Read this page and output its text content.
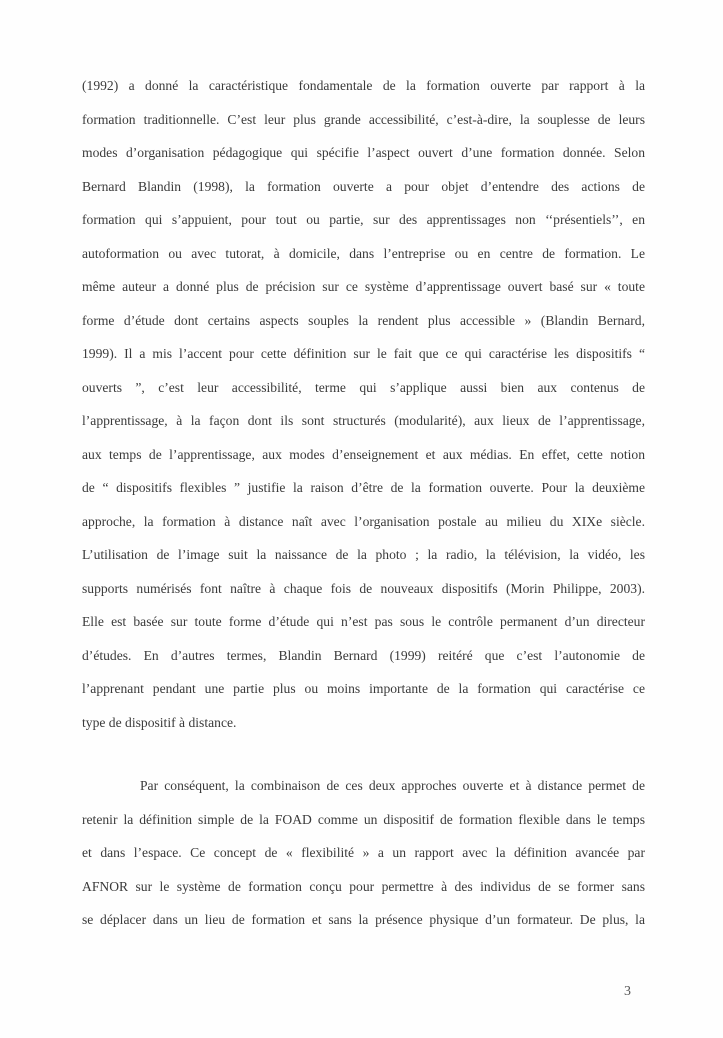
(1992) a donné la caractéristique fondamentale de la formation ouverte par rapport à la
formation traditionnelle. C’est leur plus grande accessibilité, c’est-à-dire, la souplesse de leurs
modes d’organisation pédagogique qui spécifie l’aspect ouvert d’une formation donnée. Selon
Bernard Blandin (1998), la formation ouverte a pour objet d’entendre des actions de
formation qui s’appuient, pour tout ou partie, sur des apprentissages non ‘‘présentiels’’, en
autoformation ou avec tutorat, à domicile, dans l’entreprise ou en centre de formation. Le
même auteur a donné plus de précision sur ce système d’apprentissage ouvert basé sur « toute
forme d’étude dont certains aspects souples la rendent plus accessible » (Blandin Bernard,
1999). Il a mis l’accent pour cette définition sur le fait que ce qui caractérise les dispositifs “
ouverts ”, c’est leur accessibilité, terme qui s’applique aussi bien aux contenus de
l’apprentissage, à la façon dont ils sont structurés (modularité), aux lieux de l’apprentissage,
aux temps de l’apprentissage, aux modes d’enseignement et aux médias. En effet, cette notion
de “ dispositifs flexibles ” justifie la raison d’être de la formation ouverte. Pour la deuxième
approche, la formation à distance naît avec l’organisation postale au milieu du XIXe siècle.
L’utilisation de l’image suit la naissance de la photo ; la radio, la télévision, la vidéo, les
supports numérisés font naître à chaque fois de nouveaux dispositifs (Morin Philippe, 2003).
Elle est basée sur toute forme d’étude qui n’est pas sous le contrôle permanent d’un directeur
d’études. En d’autres termes, Blandin Bernard (1999) reitéré que c’est l’autonomie de
l’apprenant pendant une partie plus ou moins importante de la formation qui caractérise ce
type de dispositif à distance.
Par conséquent, la combinaison de ces deux approches ouverte et à distance permet de
retenir la définition simple de la FOAD comme un dispositif de formation flexible dans le temps
et dans l’espace. Ce concept de « flexibilité » a un rapport avec la définition avancée par
AFNOR sur le système de formation conçu pour permettre à des individus de se former sans
se déplacer dans un lieu de formation et sans la présence physique d’un formateur. De plus, la
3
